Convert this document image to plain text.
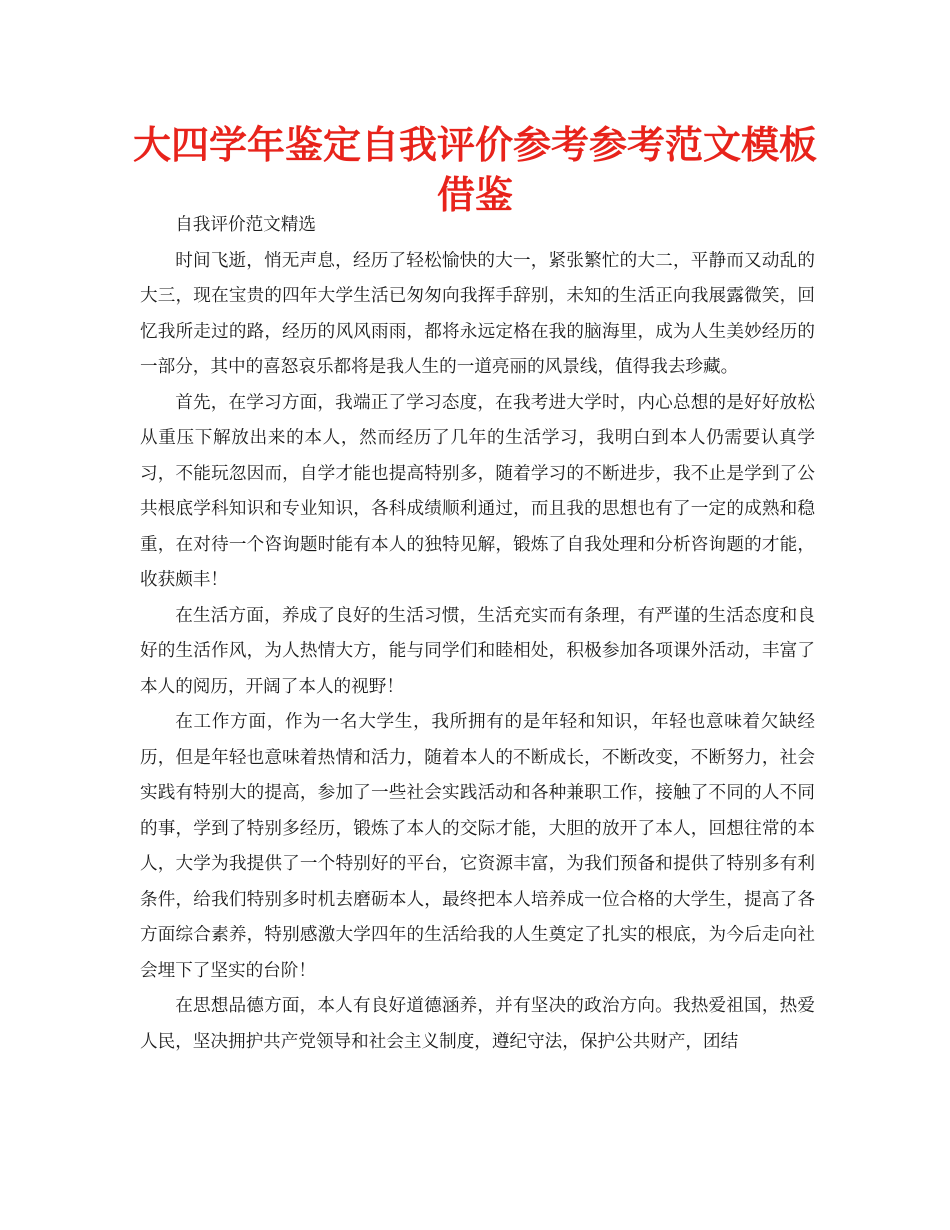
大四学年鉴定自我评价参考参考范文模板借鉴

自我评价范文精选

时间飞逝，悄无声息，经历了轻松愉快的大一，紧张繁忙的大二，平静而又动乱的大三，现在宝贵的四年大学生活已匆匆向我挥手辞别，未知的生活正向我展露微笑，回忆我所走过的路，经历的风风雨雨，都将永远定格在我的脑海里，成为人生美妙经历的一部分，其中的喜怒哀乐都将是我人生的一道亮丽的风景线，值得我去珍藏。

首先，在学习方面，我端正了学习态度，在我考进大学时，内心总想的是好好放松从重压下解放出来的本人，然而经历了几年的生活学习，我明白到本人仍需要认真学习，不能玩忽因而，自学才能也提高特别多，随着学习的不断进步，我不止是学到了公共根底学科知识和专业知识，各科成绩顺利通过，而且我的思想也有了一定的成熟和稳重，在对待一个咨询题时能有本人的独特见解，锻炼了自我处理和分析咨询题的才能，收获颇丰！

在生活方面，养成了良好的生活习惯，生活充实而有条理，有严谨的生活态度和良好的生活作风，为人热情大方，能与同学们和睦相处，积极参加各项课外活动，丰富了本人的阅历，开阔了本人的视野！

在工作方面，作为一名大学生，我所拥有的是年轻和知识，年轻也意味着欠缺经历，但是年轻也意味着热情和活力，随着本人的不断成长，不断改变，不断努力，社会实践有特别大的提高，参加了一些社会实践活动和各种兼职工作，接触了不同的人不同的事，学到了特别多经历，锻炼了本人的交际才能，大胆的放开了本人，回想往常的本人，大学为我提供了一个特别好的平台，它资源丰富，为我们预备和提供了特别多有利条件，给我们特别多时机去磨砺本人，最终把本人培养成一位合格的大学生，提高了各方面综合素养，特别感激大学四年的生活给我的人生奠定了扎实的根底，为今后走向社会埋下了坚实的台阶！

在思想品德方面，本人有良好道德涵养，并有坚决的政治方向。我热爱祖国，热爱人民，坚决拥护共产党领导和社会主义制度，遵纪守法，保护公共财产，团结
